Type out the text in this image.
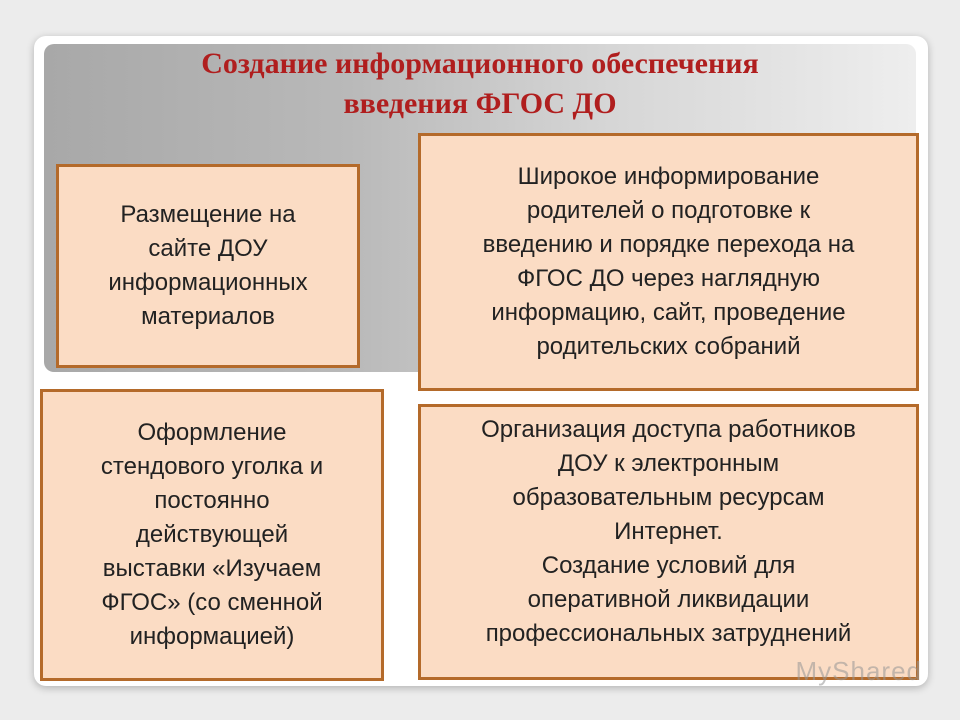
Создание информационного обеспечения
введения ФГОС ДО
Размещение на
сайте ДОУ
информационных
материалов
Широкое информирование
родителей о подготовке к
введению и порядке перехода на
ФГОС ДО через наглядную
информацию, сайт, проведение
родительских собраний
Оформление
стендового уголка и
постоянно
действующей
выставки «Изучаем
ФГОС» (со сменной
информацией)
Организация доступа работников
ДОУ к электронным
образовательным ресурсам
Интернет.
Создание условий для
оперативной ликвидации
профессиональных затруднений
MyShared
